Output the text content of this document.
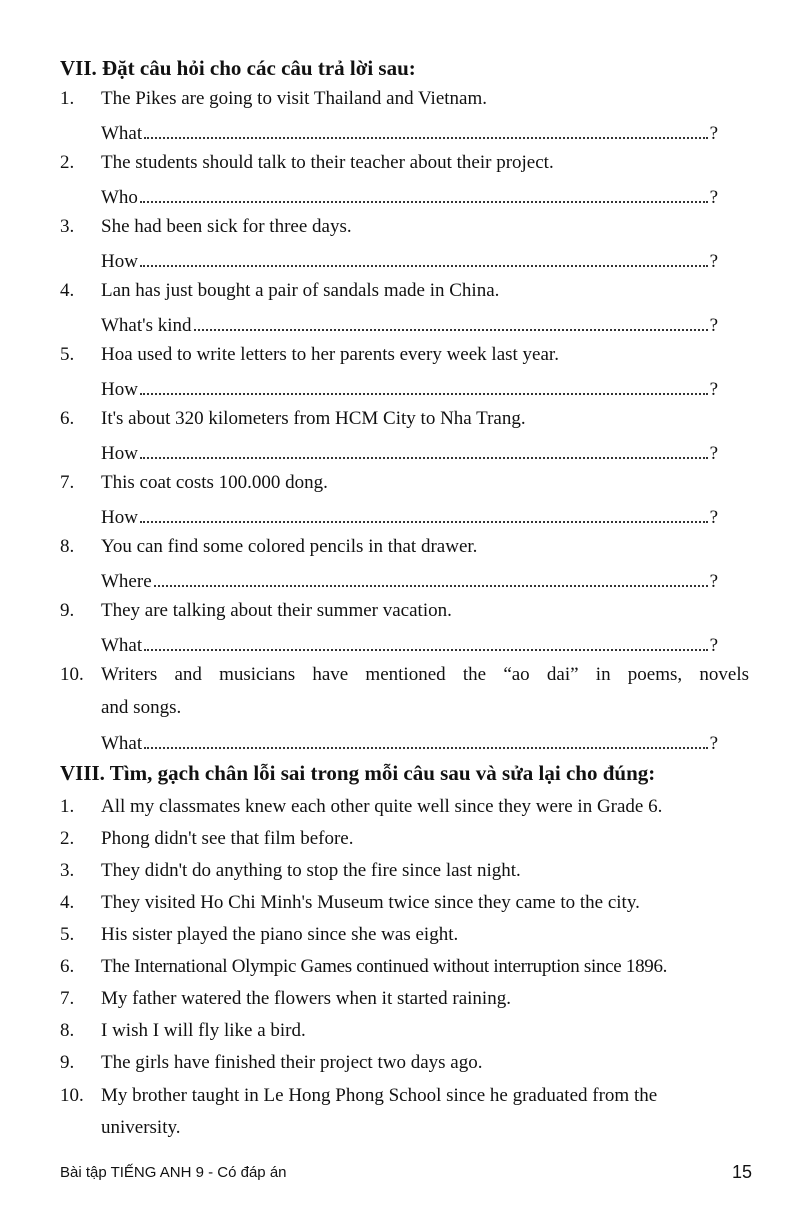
VII. Đặt câu hỏi cho các câu trả lời sau:
1.	The Pikes are going to visit Thailand and Vietnam.
What	?
2.	The students should talk to their teacher about their project.
Who	?
3.	She had been sick for three days.
How	?
4.	Lan has just bought a pair of sandals made in China.
What's kind	?
5.	Hoa used to write letters to her parents every week last year.
How	?
6.	It's about 320 kilometers from HCM City to Nha Trang.
How	?
7.	This coat costs 100.000 dong.
How	?
8.	You can find some colored pencils in that drawer.
Where	?
9.	They are talking about their summer vacation.
What	?
10. Writers and musicians have mentioned the “ao dai” in poems, novels
and songs.
What	?
VIII. Tìm, gạch chân lỗi sai trong mỗi câu sau và sửa lại cho đúng:
1.	All my classmates knew each other quite well since they were in Grade 6.
2.	Phong didn't see that film before.
3.	They didn't do anything to stop the fire since last night.
4.	They visited Ho Chi Minh's Museum twice since they came to the city.
5.	His sister played the piano since she was eight.
6.	The International Olympic Games continued without interruption since 1896.
7.	My father watered the flowers when it started raining.
8.	I wish I will fly like a bird.
9.	The girls have finished their project two days ago.
10. My brother taught in Le Hong Phong School since he graduated from the
university.
Bài tập TIẾNG ANH 9 - Có đáp án	15
